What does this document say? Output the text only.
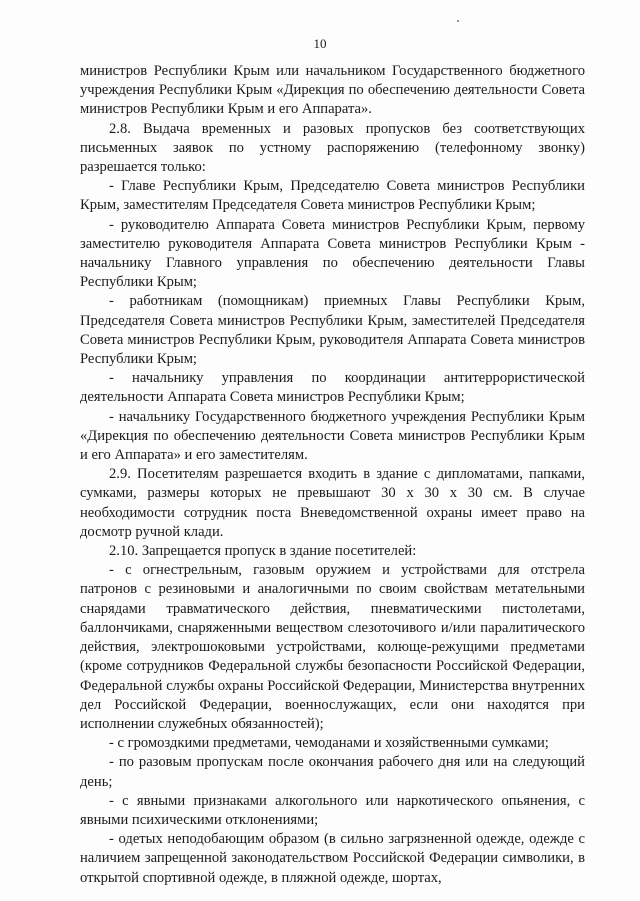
10

министров Республики Крым или начальником Государственного бюджетного учреждения Республики Крым «Дирекция по обеспечению деятельности Совета министров Республики Крым и его Аппарата».

2.8. Выдача временных и разовых пропусков без соответствующих письменных заявок по устному распоряжению (телефонному звонку) разрешается только:

- Главе Республики Крым, Председателю Совета министров Республики Крым, заместителям Председателя Совета министров Республики Крым;

- руководителю Аппарата Совета министров Республики Крым, первому заместителю руководителя Аппарата Совета министров Республики Крым - начальнику Главного управления по обеспечению деятельности Главы Республики Крым;

- работникам (помощникам) приемных Главы Республики Крым, Председателя Совета министров Республики Крым, заместителей Председателя Совета министров Республики Крым, руководителя Аппарата Совета министров Республики Крым;

- начальнику управления по координации антитеррористической деятельности Аппарата Совета министров Республики Крым;

- начальнику Государственного бюджетного учреждения Республики Крым «Дирекция по обеспечению деятельности Совета министров Республики Крым и его Аппарата» и его заместителям.

2.9. Посетителям разрешается входить в здание с дипломатами, папками, сумками, размеры которых не превышают 30 х 30 х 30 см. В случае необходимости сотрудник поста Вневедомственной охраны имеет право на досмотр ручной клади.

2.10. Запрещается пропуск в здание посетителей:

- с огнестрельным, газовым оружием и устройствами для отстрела патронов с резиновыми и аналогичными по своим свойствам метательными снарядами травматического действия, пневматическими пистолетами, баллончиками, снаряженными веществом слезоточивого и/или паралитического действия, электрошоковыми устройствами, колюще-режущими предметами (кроме сотрудников Федеральной службы безопасности Российской Федерации, Федеральной службы охраны Российской Федерации, Министерства внутренних дел Российской Федерации, военнослужащих, если они находятся при исполнении служебных обязанностей);

- с громоздкими предметами, чемоданами и хозяйственными сумками;

- по разовым пропускам после окончания рабочего дня или на следующий день;

- с явными признаками алкогольного или наркотического опьянения, с явными психическими отклонениями;

- одетых неподобающим образом (в сильно загрязненной одежде, одежде с наличием запрещенной законодательством Российской Федерации символики, в открытой спортивной одежде, в пляжной одежде, шортах,
